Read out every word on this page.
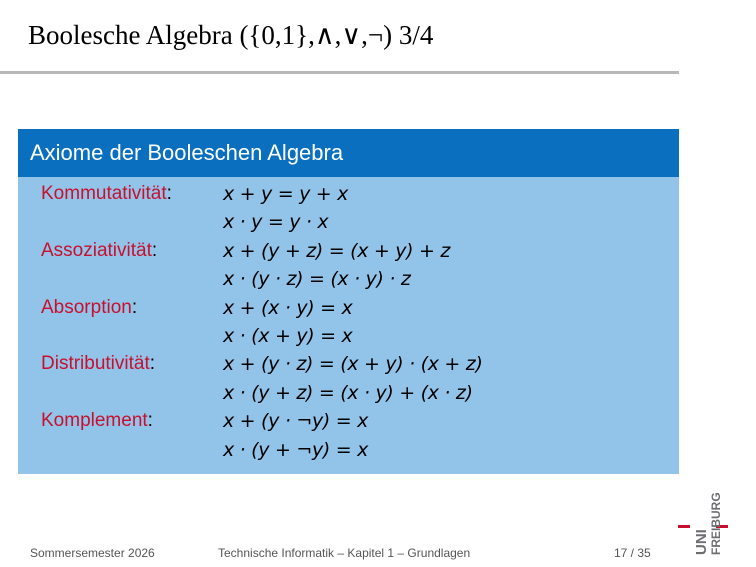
Boolesche Algebra ({0,1},∧,∨,¬) 3/4
Axiome der Booleschen Algebra
Kommutativität:	x + y = y + x
x · y = y · x
Assoziativität:	x + (y + z) = (x + y) + z
x · (y · z) = (x · y) · z
Absorption:	x + (x · y) = x
x · (x + y) = x
Distributivität:	x + (y · z) = (x + y) · (x + z)
x · (y + z) = (x · y) + (x · z)
Komplement:	x + (y · ¬y) = x
x · (y + ¬y) = x
Sommersemester 2026	Technische Informatik – Kapitel 1 – Grundlagen	17 / 35	UNI FREIBURG
